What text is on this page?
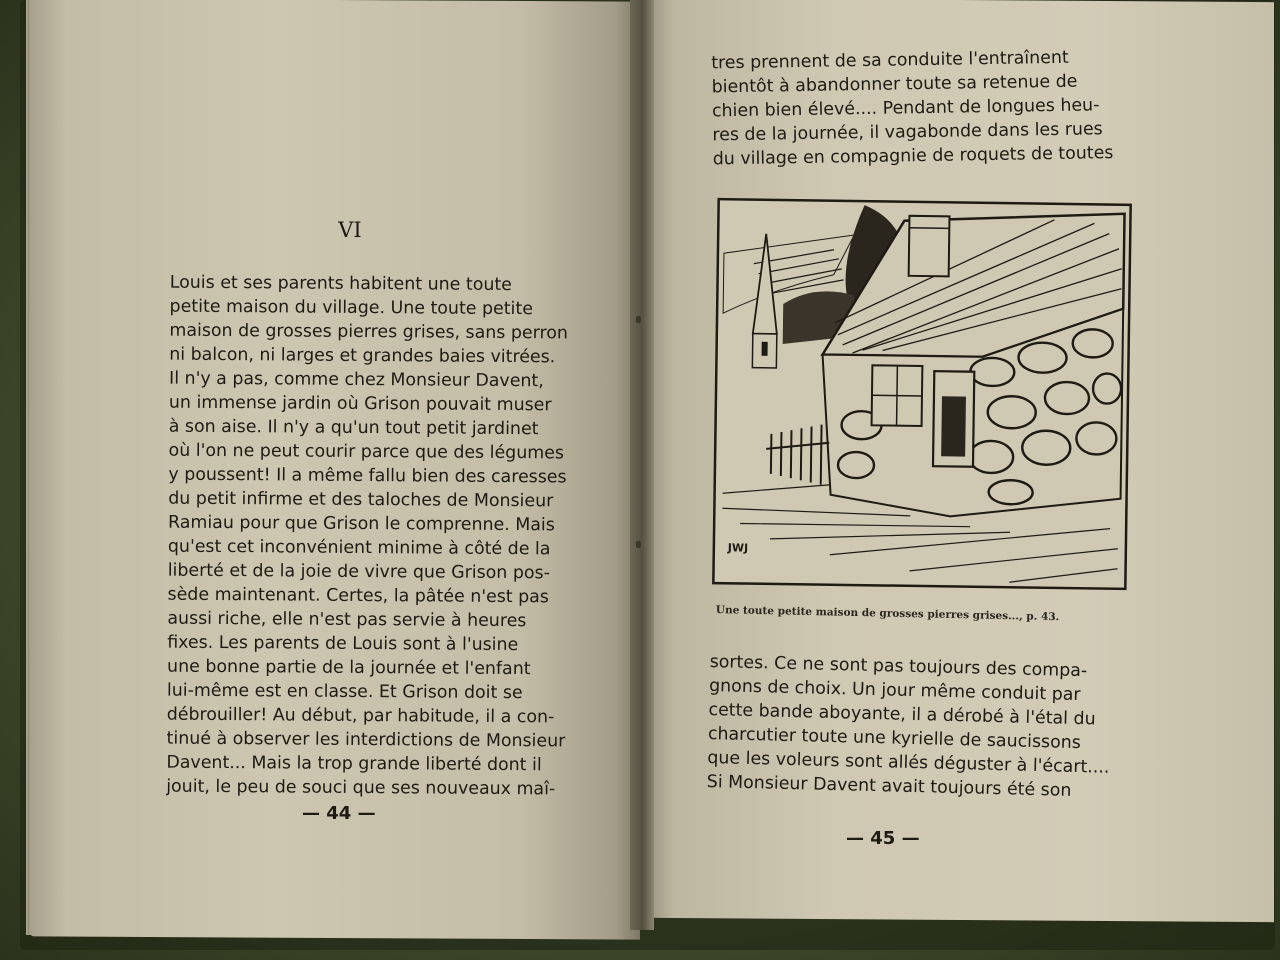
VI
Louis et ses parents habitent une toute
petite maison du village. Une toute petite
maison de grosses pierres grises, sans perron
ni balcon, ni larges et grandes baies vitrées.
Il n'y a pas, comme chez Monsieur Davent,
un immense jardin où Grison pouvait muser
à son aise. Il n'y a qu'un tout petit jardinet
où l'on ne peut courir parce que des légumes
y poussent! Il a même fallu bien des caresses
du petit infirme et des taloches de Monsieur
Ramiau pour que Grison le comprenne. Mais
qu'est cet inconvénient minime à côté de la
liberté et de la joie de vivre que Grison pos-
sède maintenant. Certes, la pâtée n'est pas
aussi riche, elle n'est pas servie à heures
fixes. Les parents de Louis sont à l'usine
une bonne partie de la journée et l'enfant
lui-même est en classe. Et Grison doit se
débrouiller! Au début, par habitude, il a con-
tinué à observer les interdictions de Monsieur
Davent... Mais la trop grande liberté dont il
jouit, le peu de souci que ses nouveaux maî-
— 44 —
tres prennent de sa conduite l'entraînent
bientôt à abandonner toute sa retenue de
chien bien élevé.... Pendant de longues heu-
res de la journée, il vagabonde dans les rues
du village en compagnie de roquets de toutes
JWJ
Une toute petite maison de grosses pierres grises..., p. 43.
sortes. Ce ne sont pas toujours des compa-
gnons de choix. Un jour même conduit par
cette bande aboyante, il a dérobé à l'étal du
charcutier toute une kyrielle de saucissons
que les voleurs sont allés déguster à l'écart....
Si Monsieur Davent avait toujours été son
— 45 —
